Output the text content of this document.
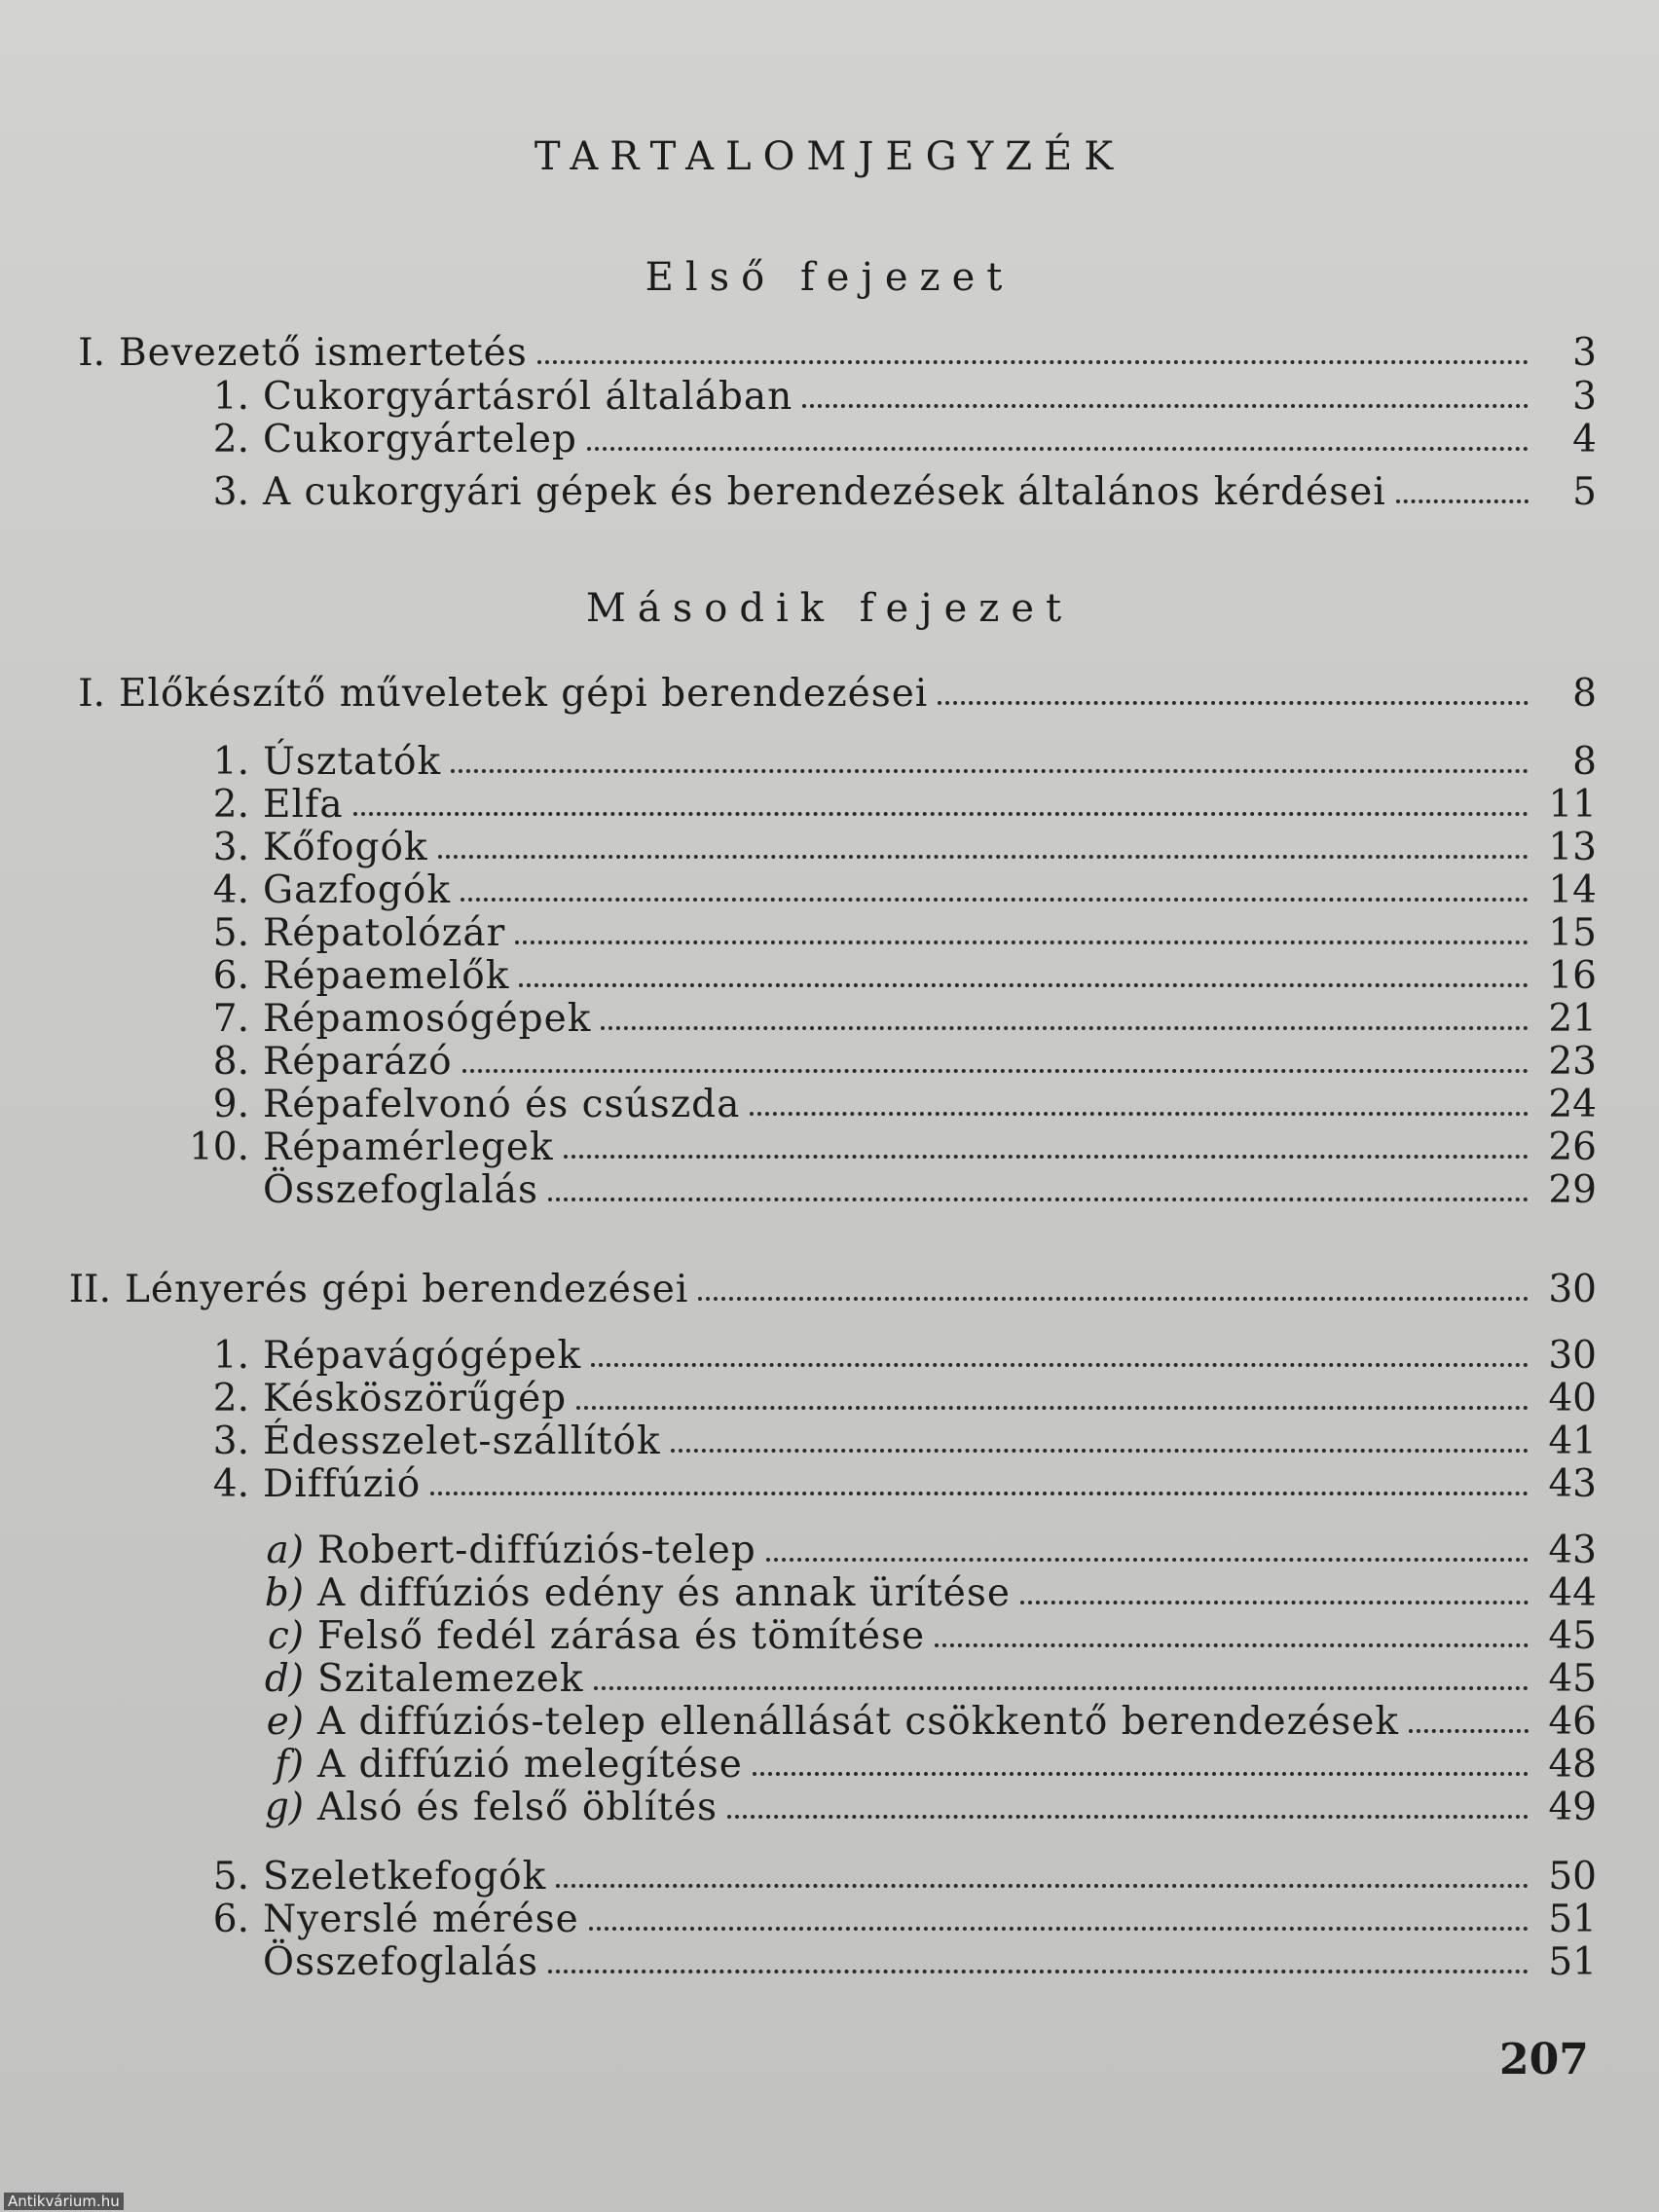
TARTALOMJEGYZÉK
Első fejezet
I. Bevezető ismertetés	3
1. Cukorgyártásról általában	3
2. Cukorgyártelep	4
3. A cukorgyári gépek és berendezések általános kérdései	5
Második fejezet
I. Előkészítő műveletek gépi berendezései	8
1. Úsztatók	8
2. Elfa	11
3. Kőfogók	13
4. Gazfogók	14
5. Répatolózár	15
6. Répaemelők	16
7. Répamosógépek	21
8. Réparázó	23
9. Répafelvonó és csúszda	24
10. Répamérlegek	26
Összefoglalás	29
II. Lényerés gépi berendezései	30
1. Répavágógépek	30
2. Késköszörűgép	40
3. Édesszelet-szállítók	41
4. Diffúzió	43
a) Robert-diffúziós-telep	43
b) A diffúziós edény és annak ürítése	44
c) Felső fedél zárása és tömítése	45
d) Szitalemezek	45
e) A diffúziós-telep ellenállását csökkentő berendezések	46
f) A diffúzió melegítése	48
g) Alsó és felső öblítés	49
5. Szeletkefogók	50
6. Nyerslé mérése	51
Összefoglalás	51
207
Antikvárium.hu
